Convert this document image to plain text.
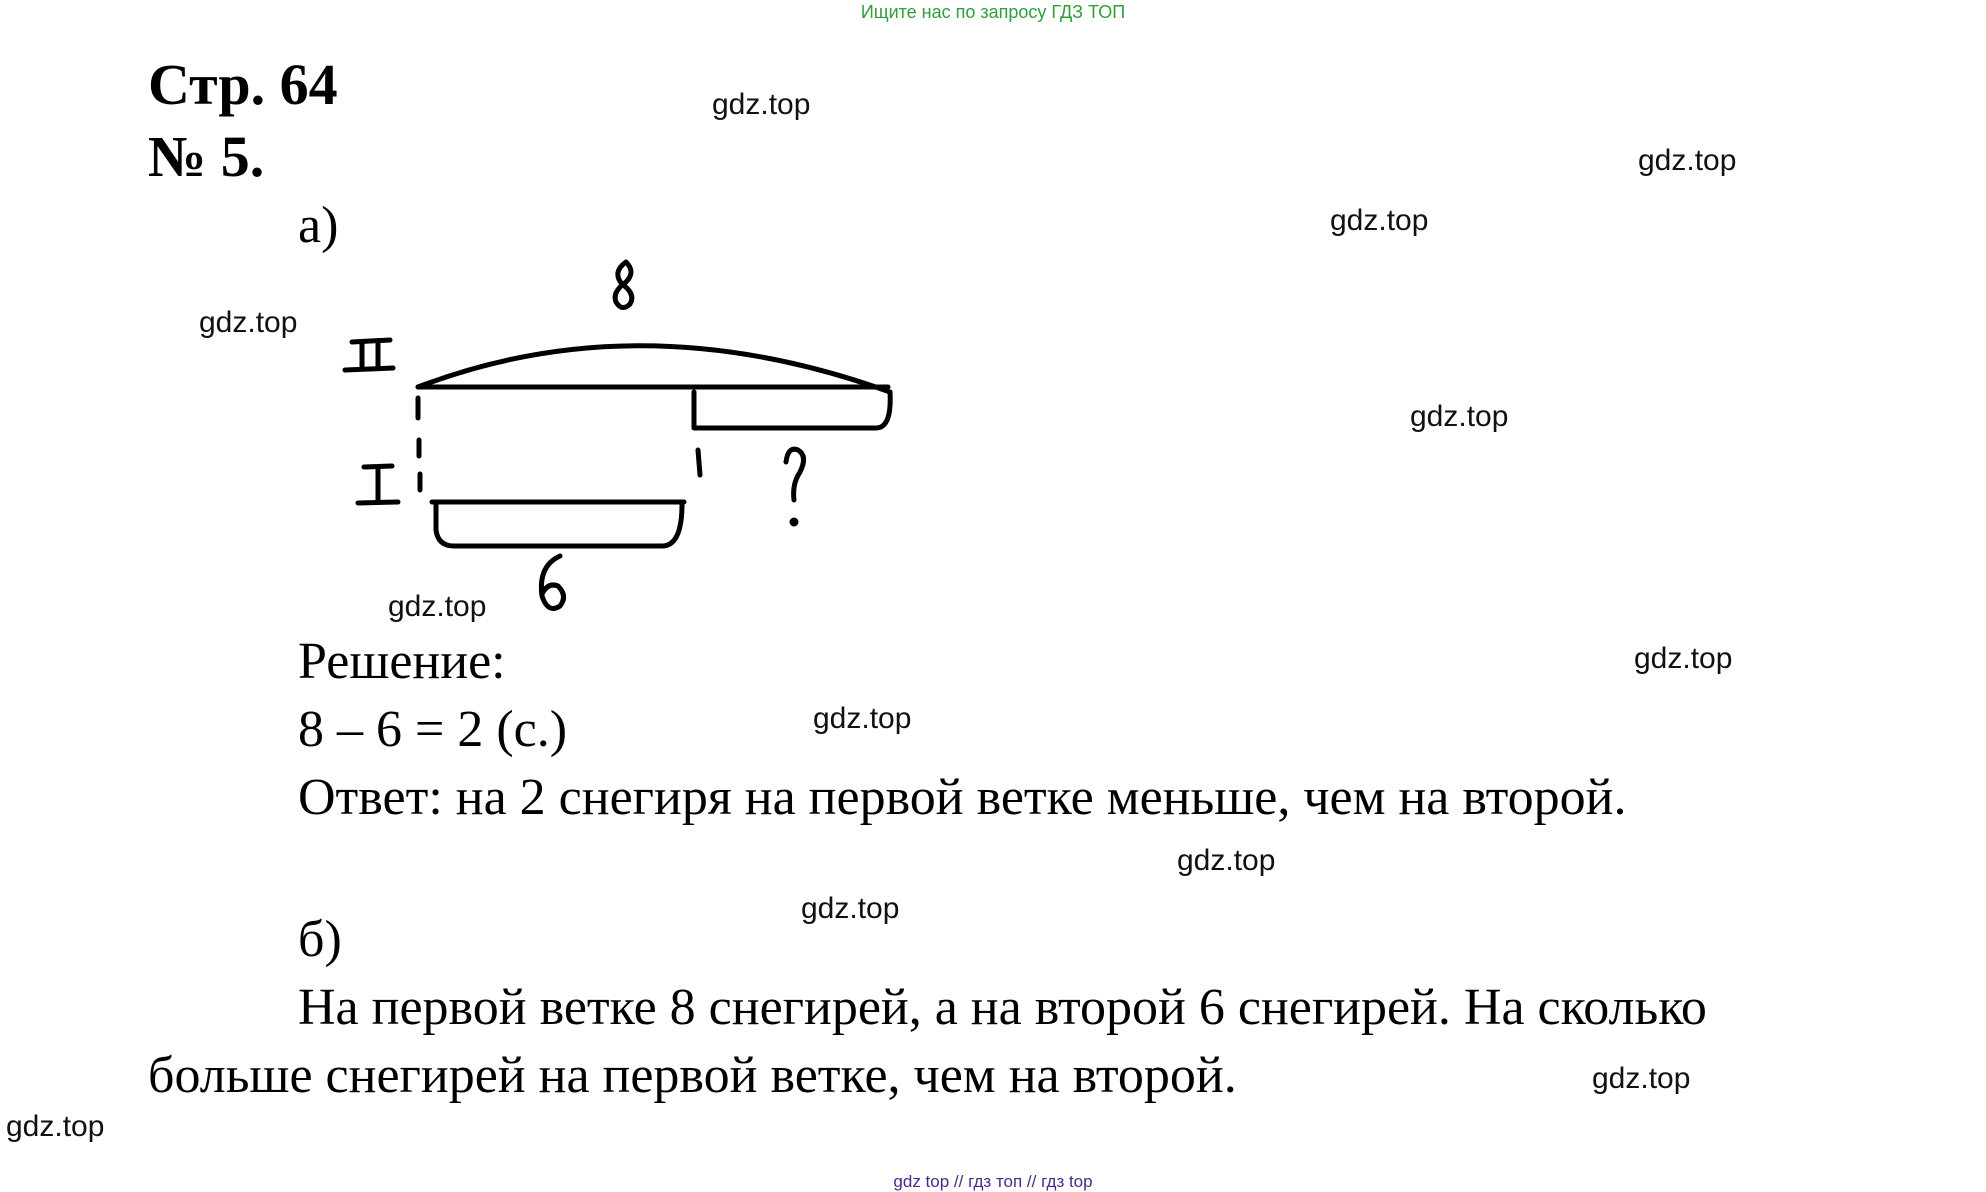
Ищите нас по запросу ГДЗ ТОП
Стр. 64
№ 5.
а)
Решение:
8 – 6 = 2 (с.)
Ответ: на 2 снегиря на первой ветке меньше, чем на второй.
б)
На первой ветке 8 снегирей, а на второй 6 снегирей. На сколько
больше снегирей на первой ветке, чем на второй.
gdz.top
gdz.top
gdz.top
gdz.top
gdz.top
gdz.top
gdz.top
gdz.top
gdz.top
gdz.top
gdz.top
gdz.top
gdz top // гдз топ // гдз top
